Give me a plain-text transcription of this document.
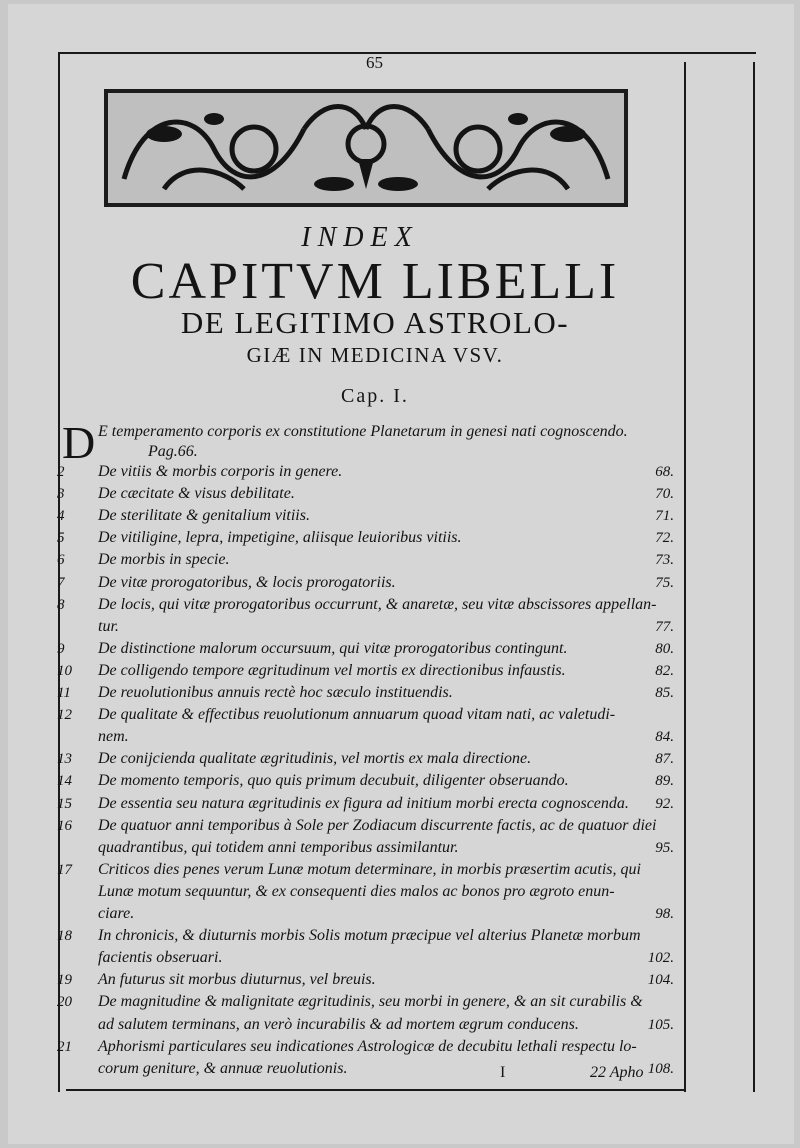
65
INDEX
CAPITVM LIBELLI
DE LEGITIMO ASTROLO-
GIÆ IN MEDICINA VSV.
Cap. I.
D E temperamento corporis ex constitutione Planetarum in genesi nati cognoscendo.
Pag.66.
2	De vitiis & morbis corporis in genere.	68.
3	De cæcitate & visus debilitate.	70.
4	De sterilitate & genitalium vitiis.	71.
5	De vitiligine, lepra, impetigine, aliisque leuioribus vitiis.	72.
6	De morbis in specie.	73.
7	De vitæ prorogatoribus, & locis prorogatoriis.	75.
8	De locis, qui vitæ prorogatoribus occurrunt, & anaretæ, seu vitæ abscissores appellan-
tur.	77.
9	De distinctione malorum occursuum, qui vitæ prorogatoribus contingunt.	80.
10	De colligendo tempore ægritudinum vel mortis ex directionibus infaustis.	82.
11	De reuolutionibus annuis rectè hoc sæculo instituendis.	85.
12	De qualitate & effectibus reuolutionum annuarum quoad vitam nati, ac valetudi-
nem.	84.
13	De conijcienda qualitate ægritudinis, vel mortis ex mala directione.	87.
14	De momento temporis, quo quis primum decubuit, diligenter obseruando.	89.
15	De essentia seu natura ægritudinis ex figura ad initium morbi erecta cognoscenda.	92.
16	De quatuor anni temporibus à Sole per Zodiacum discurrente factis, ac de quatuor diei
quadrantibus, qui totidem anni temporibus assimilantur.	95.
17	Criticos dies penes verum Lunæ motum determinare, in morbis præsertim acutis, qui
Lunæ motum sequuntur, & ex consequenti dies malos ac bonos pro ægroto enun-
ciare.	98.
18	In chronicis, & diuturnis morbis Solis motum præcipue vel alterius Planetæ morbum
facientis obseruari.	102.
19	An futurus sit morbus diuturnus, vel breuis.	104.
20	De magnitudine & malignitate ægritudinis, seu morbi in genere, & an sit curabilis &
ad salutem terminans, an verò incurabilis & ad mortem ægrum conducens.	105.
21	Aphorismi particulares seu indicationes Astrologicæ de decubitu lethali respectu lo-
corum geniture, & annuæ reuolutionis.	108.
I	22 Apho
